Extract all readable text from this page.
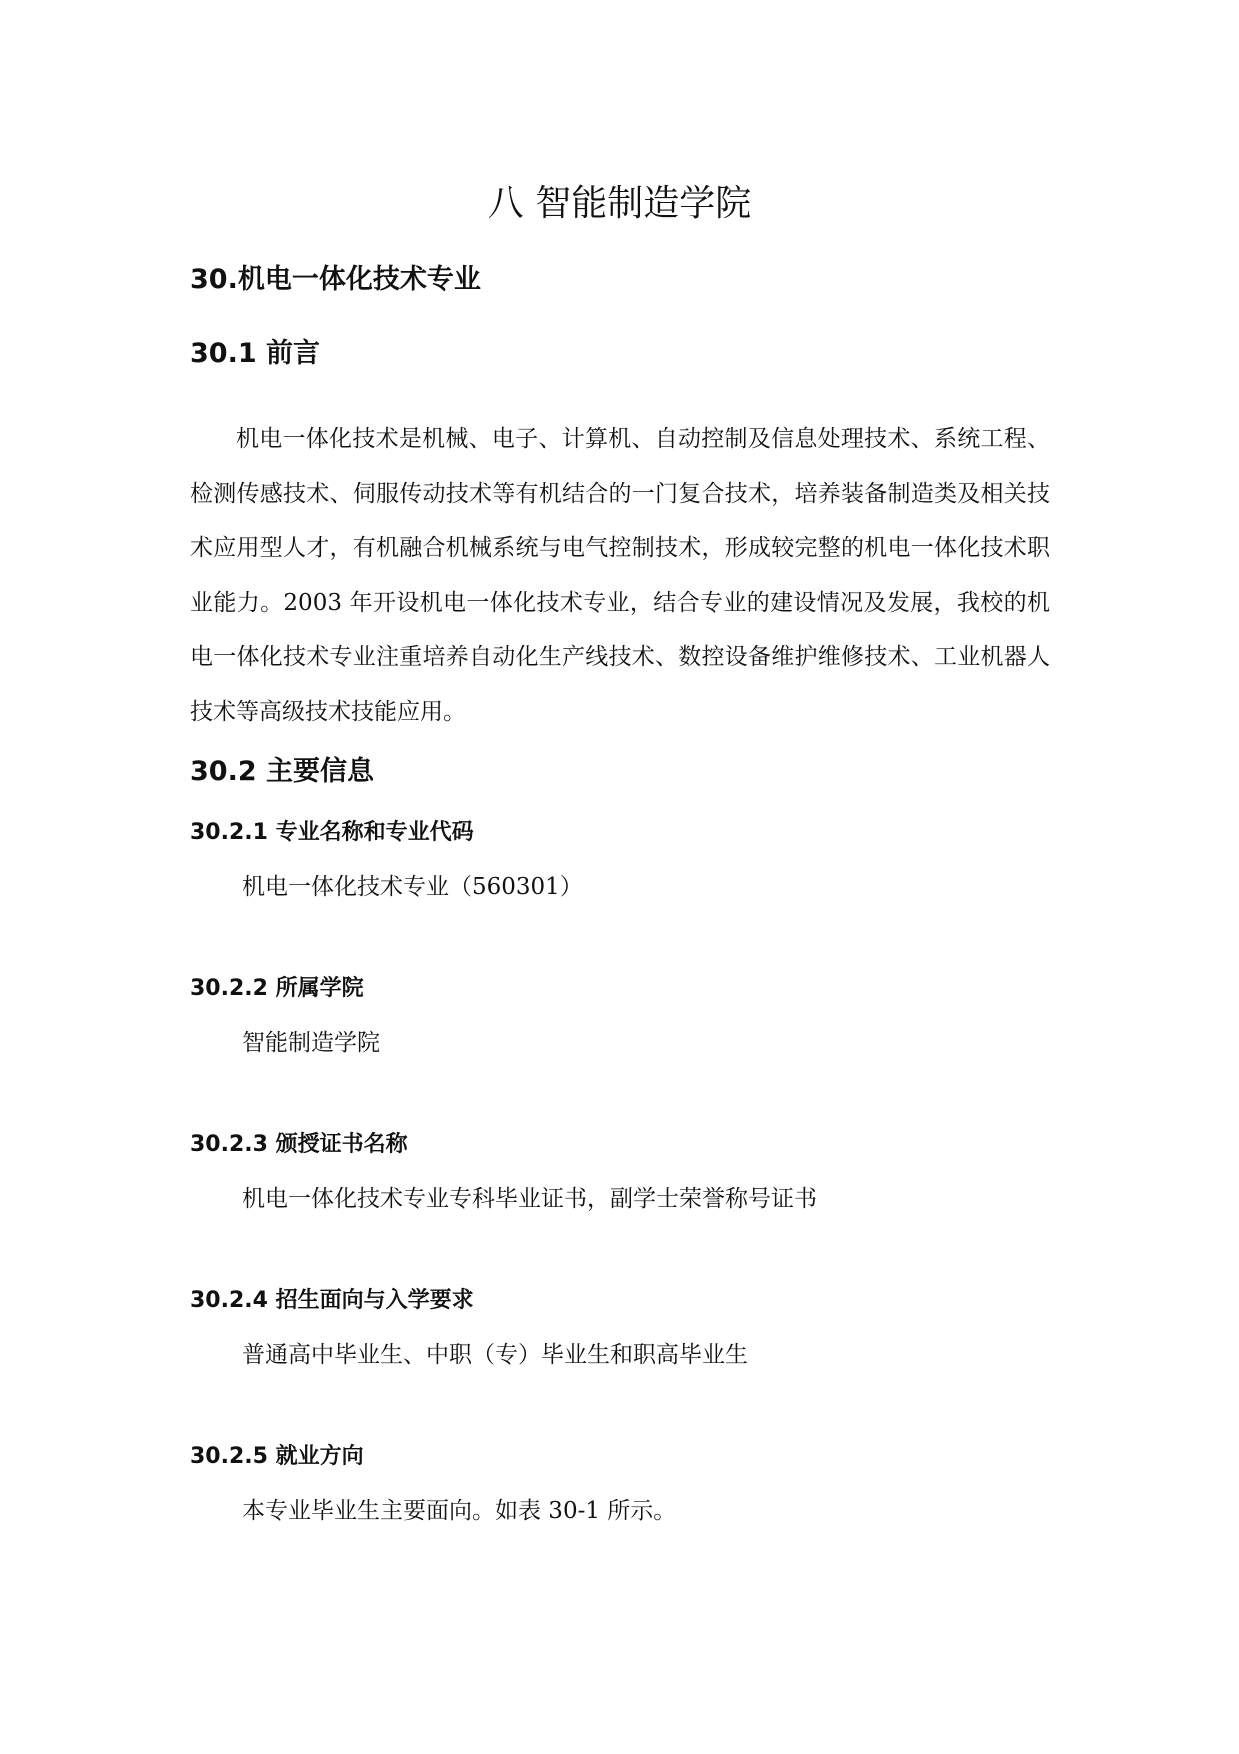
八 智能制造学院
30.机电一体化技术专业
30.1 前言

机电一体化技术是机械、电子、计算机、自动控制及信息处理技术、系统工程、检测传感技术、伺服传动技术等有机结合的一门复合技术，培养装备制造类及相关技术应用型人才，有机融合机械系统与电气控制技术，形成较完整的机电一体化技术职业能力。2003 年开设机电一体化技术专业，结合专业的建设情况及发展，我校的机电一体化技术专业注重培养自动化生产线技术、数控设备维护维修技术、工业机器人技术等高级技术技能应用。

30.2 主要信息
30.2.1 专业名称和专业代码

机电一体化技术专业（560301）

30.2.2 所属学院

智能制造学院

30.2.3 颁授证书名称

机电一体化技术专业专科毕业证书，副学士荣誉称号证书

30.2.4 招生面向与入学要求

普通高中毕业生、中职（专）毕业生和职高毕业生

30.2.5 就业方向

本专业毕业生主要面向。如表 30-1 所示。
